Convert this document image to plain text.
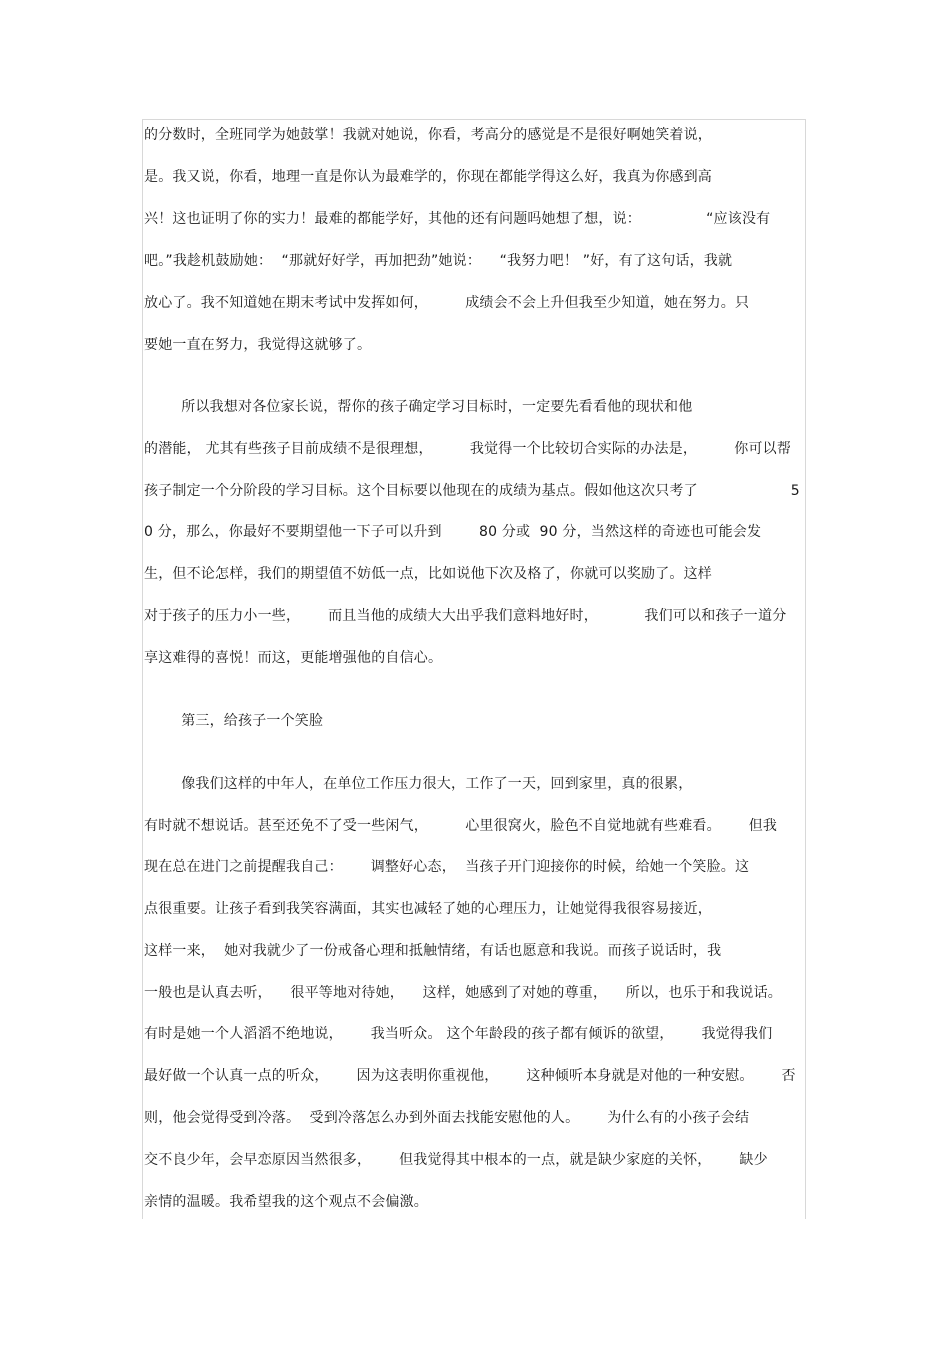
的分数时，全班同学为她鼓掌！我就对她说，你看，考高分的感觉是不是很好啊她笑着说，
是。我又说，你看，地理一直是你认为最难学的，你现在都能学得这么好，我真为你感到高
兴！这也证明了你的实力！最难的都能学好，其他的还有问题吗她想了想，说：              “应该没有
吧。”我趁机鼓励她：  “那就好好学，再加把劲”她说：    “我努力吧！ ”好，有了这句话，我就
放心了。我不知道她在期末考试中发挥如何，        成绩会不会上升但我至少知道，她在努力。只
要她一直在努力，我觉得这就够了。
所以我想对各位家长说，帮你的孩子确定学习目标时，一定要先看看他的现状和他
的潜能， 尤其有些孩子目前成绩不是很理想，        我觉得一个比较切合实际的办法是，        你可以帮
孩子制定一个分阶段的学习目标。这个目标要以他现在的成绩为基点。假如他这次只考了                    5
0 分，那么，你最好不要期望他一下子可以升到        80 分或  90 分，当然这样的奇迹也可能会发
生，但不论怎样，我们的期望值不妨低一点，比如说他下次及格了，你就可以奖励了。这样
对于孩子的压力小一些，      而且当他的成绩大大出乎我们意料地好时，          我们可以和孩子一道分
享这难得的喜悦！而这，更能增强他的自信心。
第三，给孩子一个笑脸
像我们这样的中年人，在单位工作压力很大，工作了一天，回到家里，真的很累，
有时就不想说话。甚至还免不了受一些闲气，        心里很窝火，脸色不自觉地就有些难看。      但我
现在总在进门之前提醒我自己：      调整好心态，  当孩子开门迎接你的时候，给她一个笑脸。这
点很重要。让孩子看到我笑容满面，其实也减轻了她的心理压力，让她觉得我很容易接近，
这样一来，  她对我就少了一份戒备心理和抵触情绪，有话也愿意和我说。而孩子说话时，我
一般也是认真去听，    很平等地对待她，    这样，她感到了对她的尊重，    所以，也乐于和我说话。
有时是她一个人滔滔不绝地说，      我当听众。 这个年龄段的孩子都有倾诉的欲望，      我觉得我们
最好做一个认真一点的听众，      因为这表明你重视他，      这种倾听本身就是对他的一种安慰。      否
则，他会觉得受到冷落。  受到冷落怎么办到外面去找能安慰他的人。      为什么有的小孩子会结
交不良少年，会早恋原因当然很多，      但我觉得其中根本的一点，就是缺少家庭的关怀，      缺少
亲情的温暖。我希望我的这个观点不会偏激。
